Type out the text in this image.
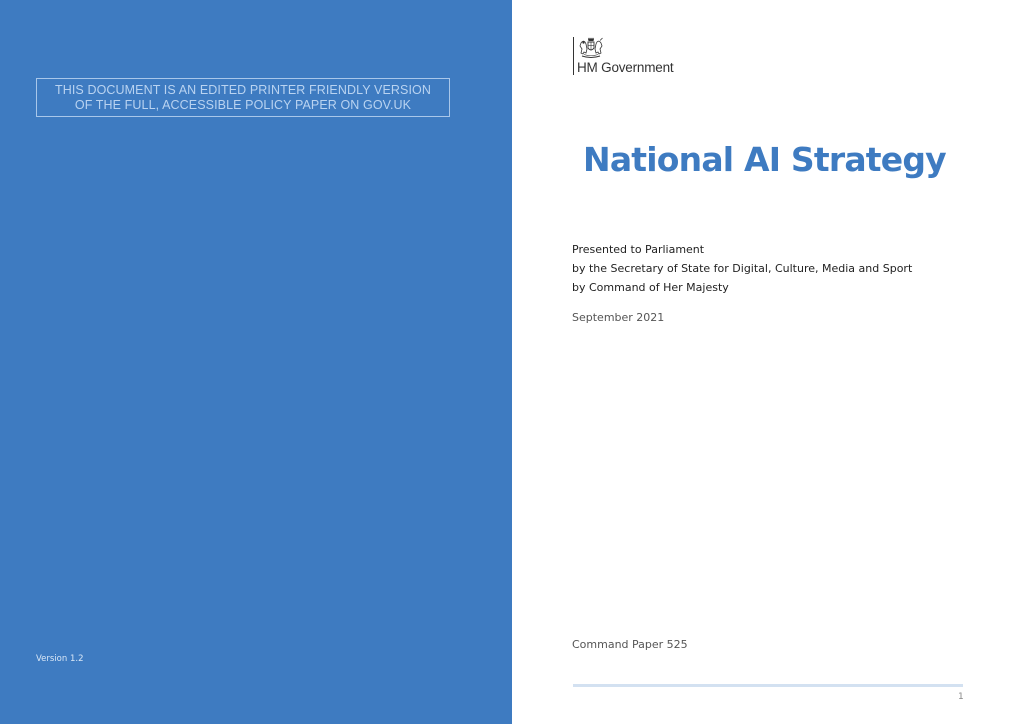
THIS DOCUMENT IS AN EDITED PRINTER FRIENDLY VERSION
OF THE FULL, ACCESSIBLE POLICY PAPER ON GOV.UK
Version 1.2
HM Government
National AI Strategy
Presented to Parliament
by the Secretary of State for Digital, Culture, Media and Sport
by Command of Her Majesty
September 2021
Command Paper 525
1
